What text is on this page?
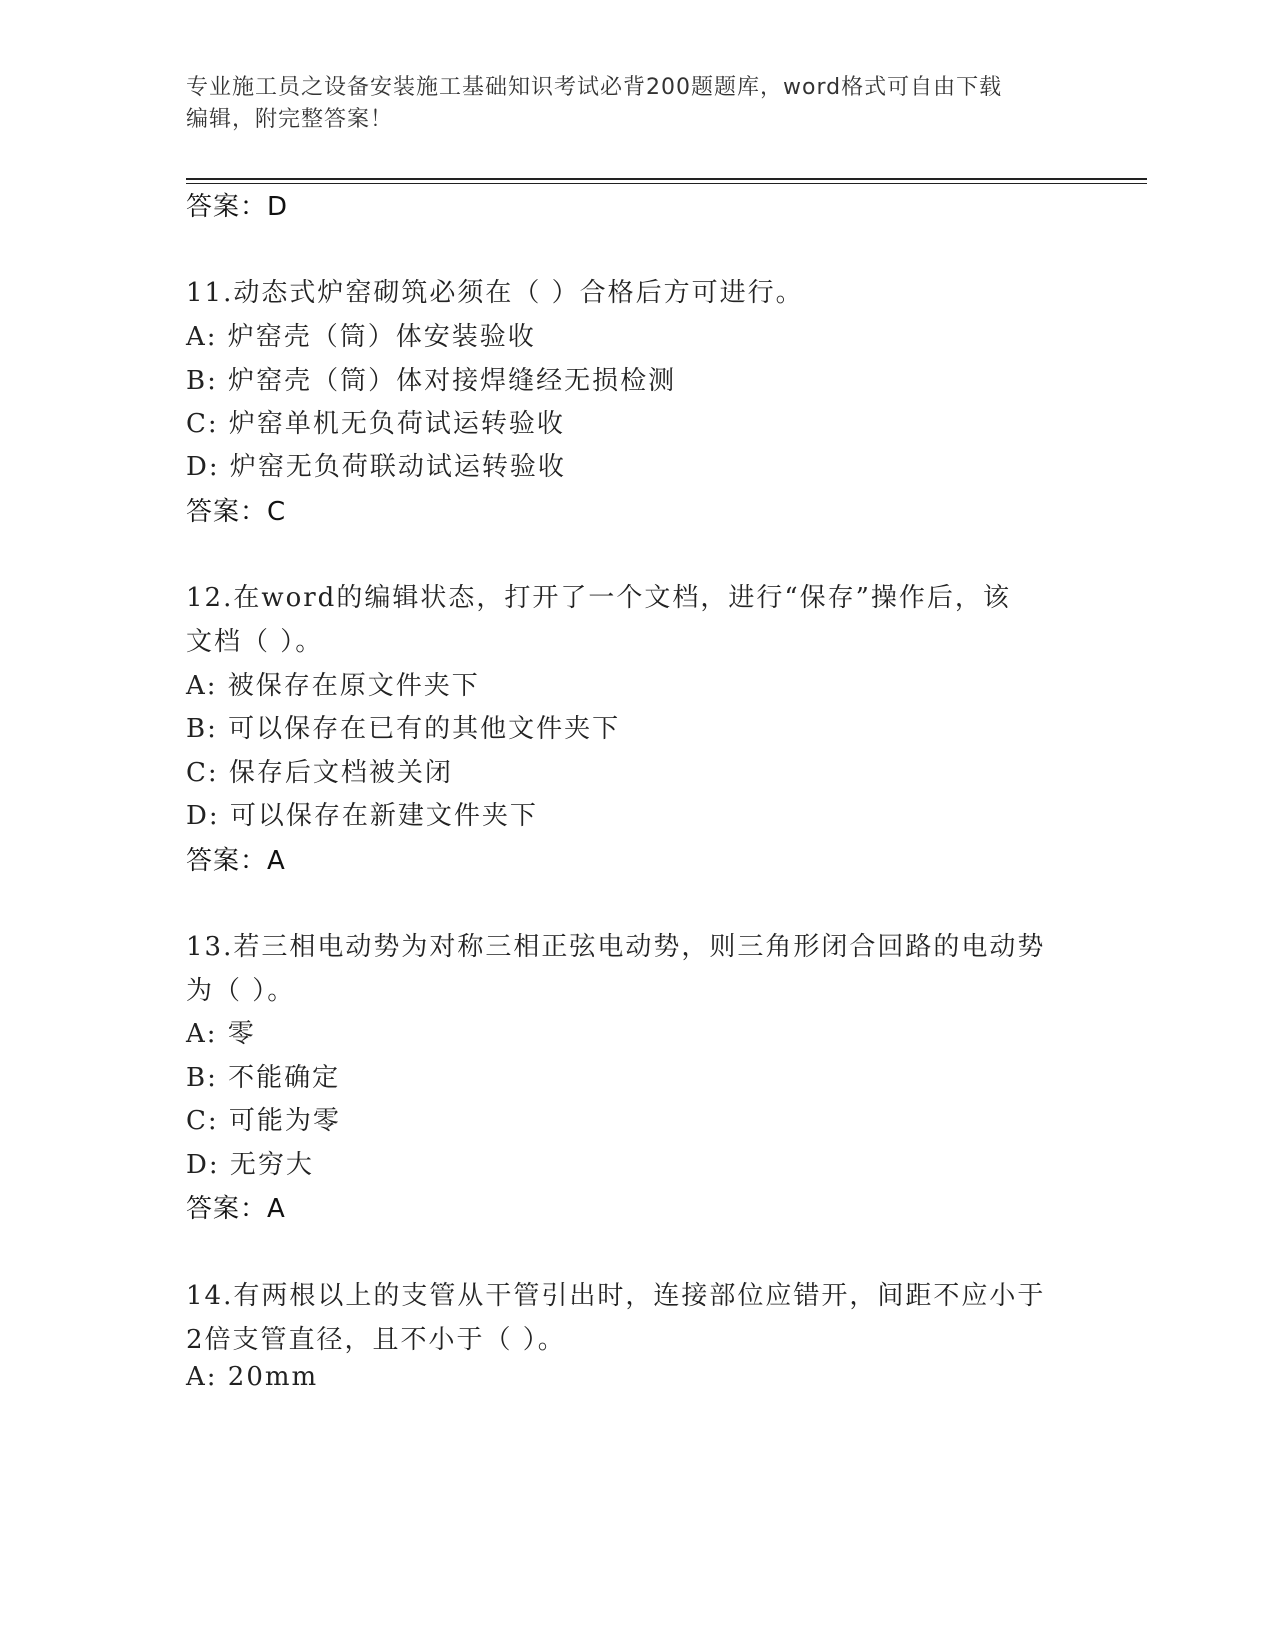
专业施工员之设备安装施工基础知识考试必背200题题库，word格式可自由下载
编辑，附完整答案！
答案：D
11.动态式炉窑砌筑必须在（ ）合格后方可进行。
A: 炉窑壳（筒）体安装验收
B: 炉窑壳（筒）体对接焊缝经无损检测
C: 炉窑单机无负荷试运转验收
D: 炉窑无负荷联动试运转验收
答案：C
12.在word的编辑状态，打开了一个文档，进行“保存”操作后，该
文档（ ）。
A: 被保存在原文件夹下
B: 可以保存在已有的其他文件夹下
C: 保存后文档被关闭
D: 可以保存在新建文件夹下
答案：A
13.若三相电动势为对称三相正弦电动势，则三角形闭合回路的电动势
为（ ）。
A: 零
B: 不能确定
C: 可能为零
D: 无穷大
答案：A
14.有两根以上的支管从干管引出时，连接部位应错开，间距不应小于
2倍支管直径，且不小于（ ）。
A: 20mm
